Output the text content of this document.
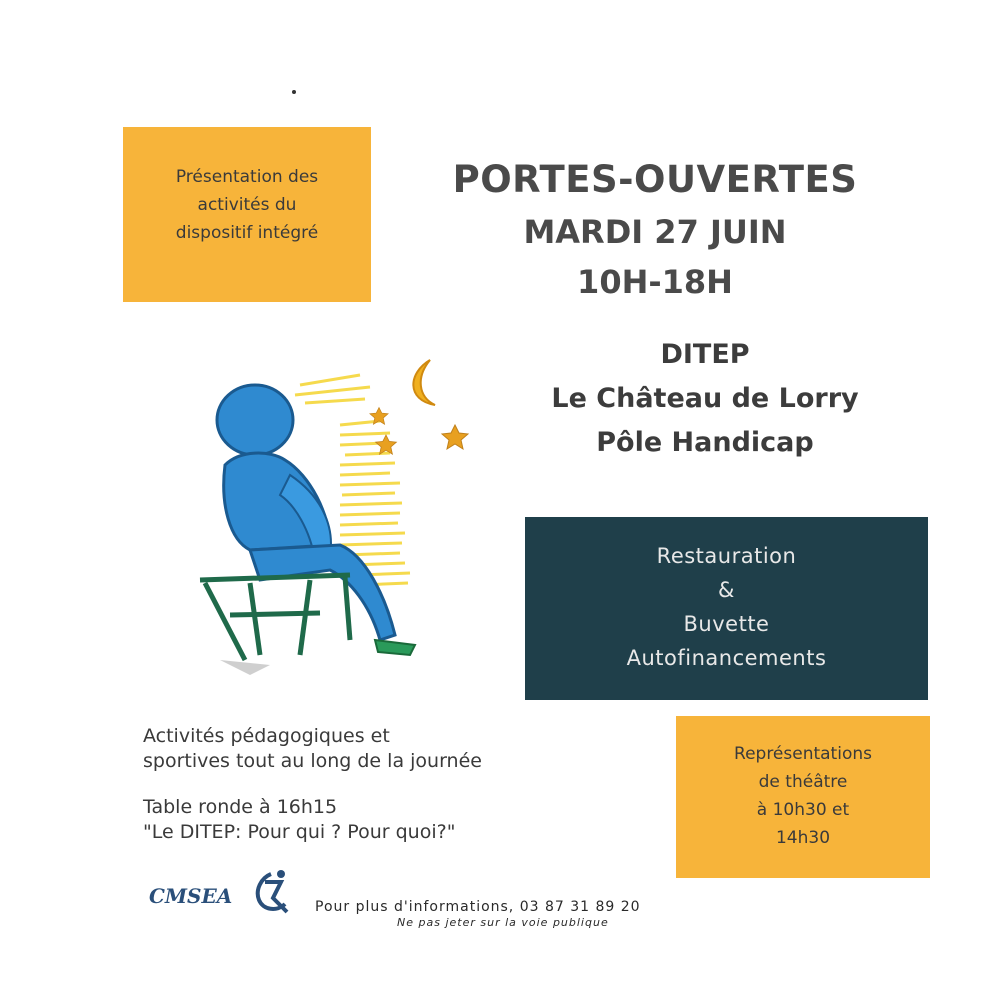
Présentation des
activités du
dispositif intégré
PORTES-OUVERTES
MARDI 27 JUIN
10H-18H
DITEP
Le Château de Lorry
Pôle Handicap
Restauration
&
Buvette
Autofinancements
Activités pédagogiques et
sportives tout au long de la journée
Table ronde à 16h15
"Le DITEP: Pour qui ? Pour quoi?"
Représentations
de théâtre
à 10h30 et
14h30
CMSEA	Pour plus d'informations, 03 87 31 89 20
Ne pas jeter sur la voie publique
